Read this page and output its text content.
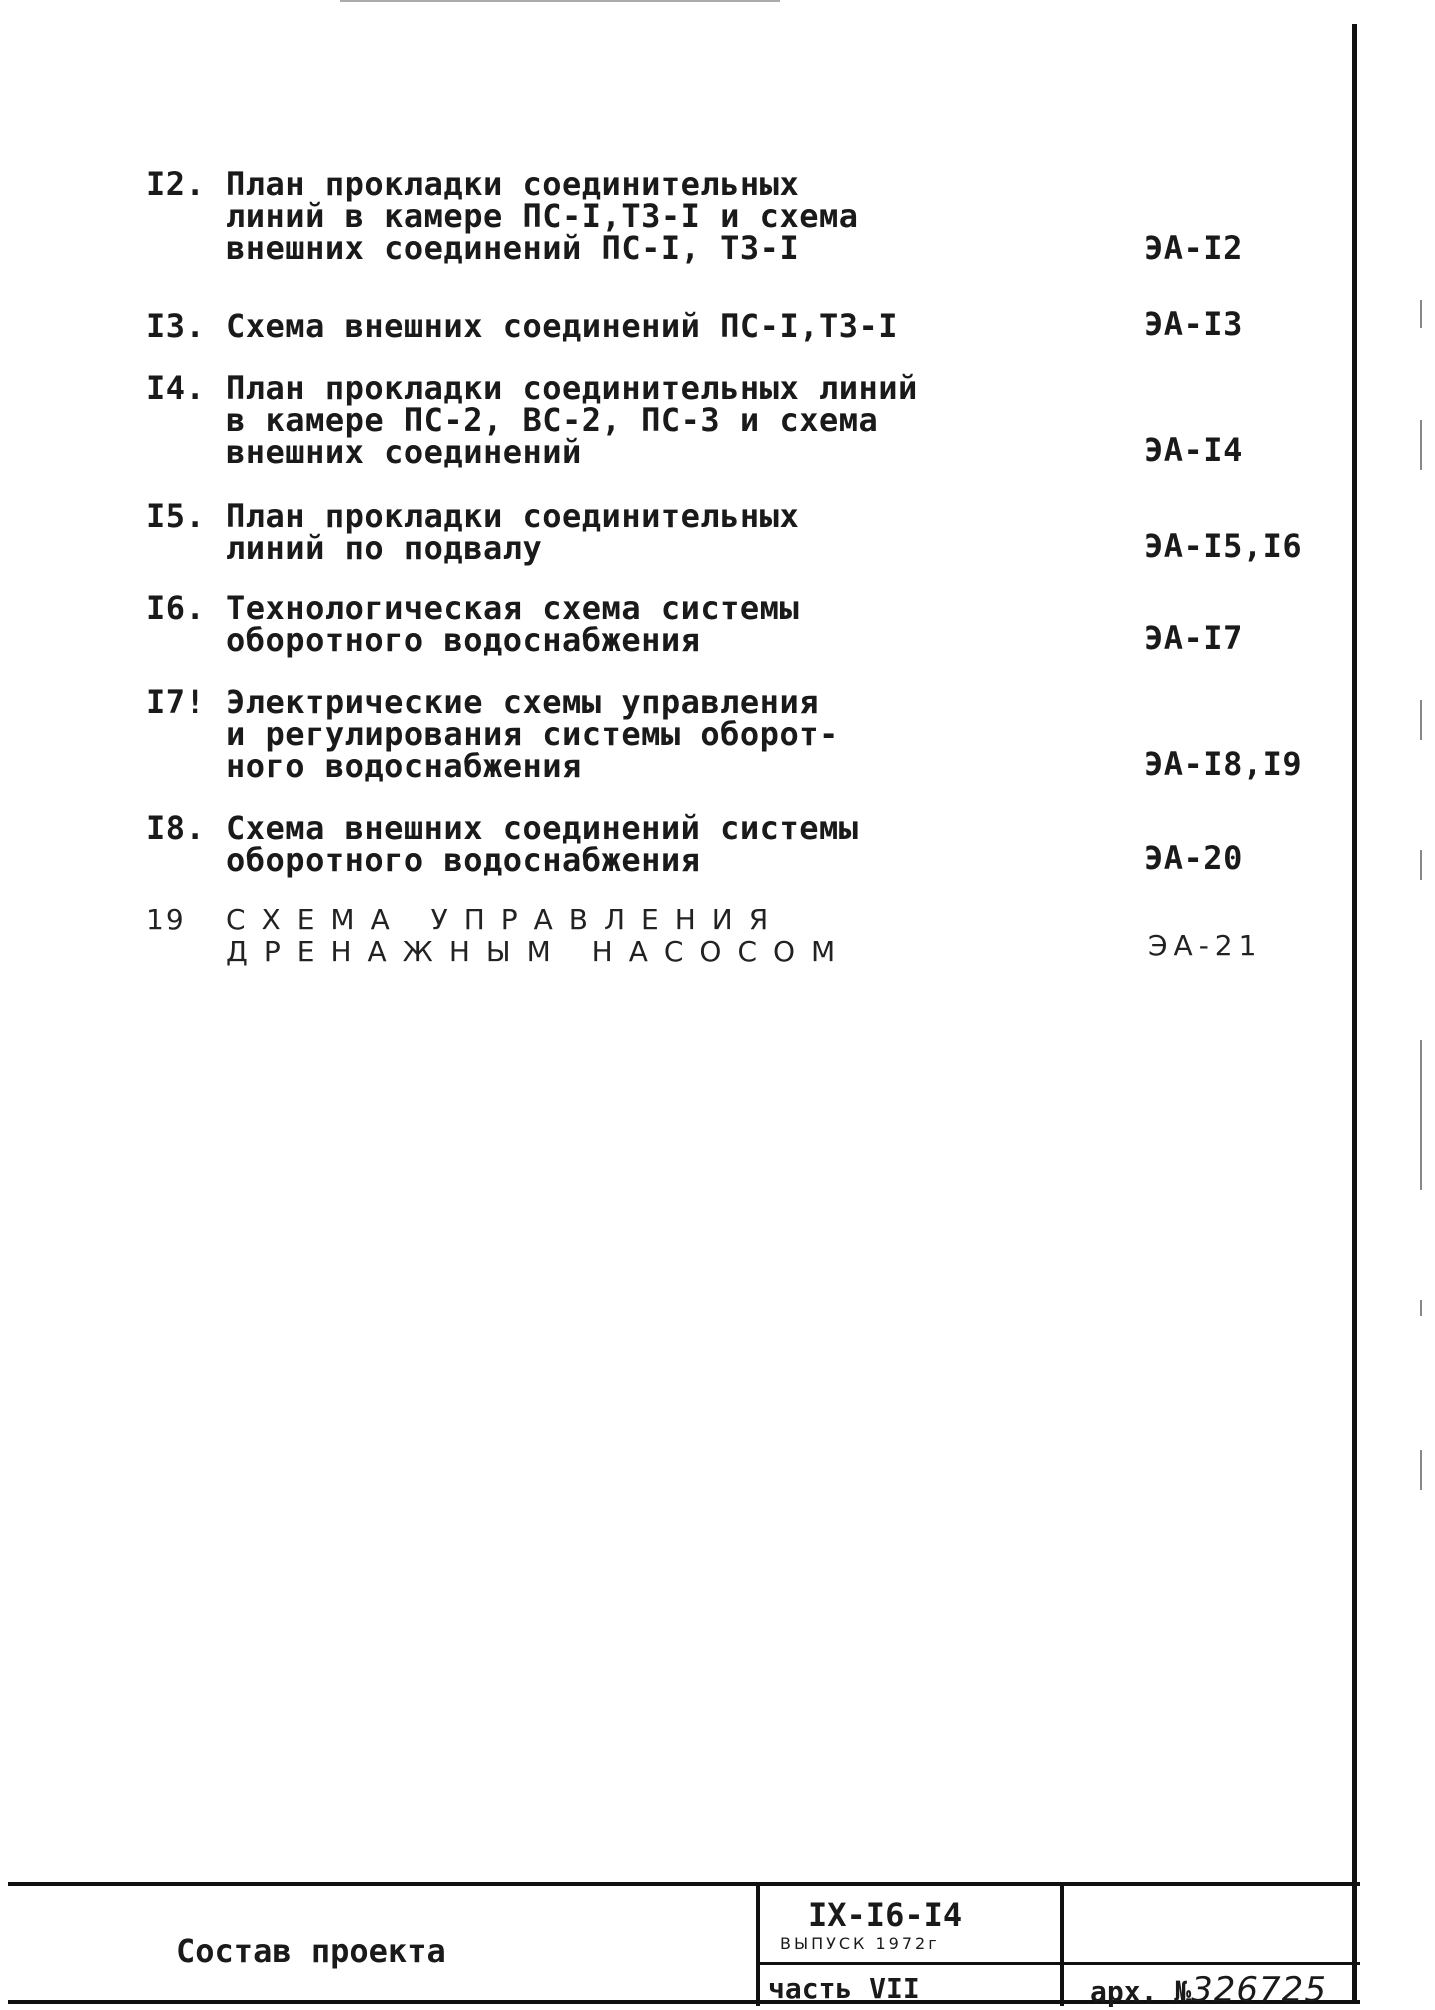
I2. План прокладки соединительных
линий в камере ПС-I,ТЗ-I и схема
внешних соединений ПС-I, ТЗ-I	ЭА-I2
I3. Схема внешних соединений ПС-I,ТЗ-I	ЭА-I3
I4. План прокладки соединительных линий
в камере ПС-2, ВС-2, ПС-3 и схема
внешних соединений	ЭА-I4
I5. План прокладки соединительных
линий по подвалу	ЭА-I5,I6
I6. Технологическая схема системы
оборотного водоснабжения	ЭА-I7
I7! Электрические схемы управления
и регулирования системы оборот-
ного водоснабжения	ЭА-I8,I9
I8. Схема внешних соединений системы
оборотного водоснабжения	ЭА-20
19	СХЕМА УПРАВЛЕНИЯ
ДРЕНАЖНЫМ НАСОСОМ	ЭА-21
Состав проекта
IX-I6-I4
ВЫПУСК 1972г
часть VII	арх. №326725
